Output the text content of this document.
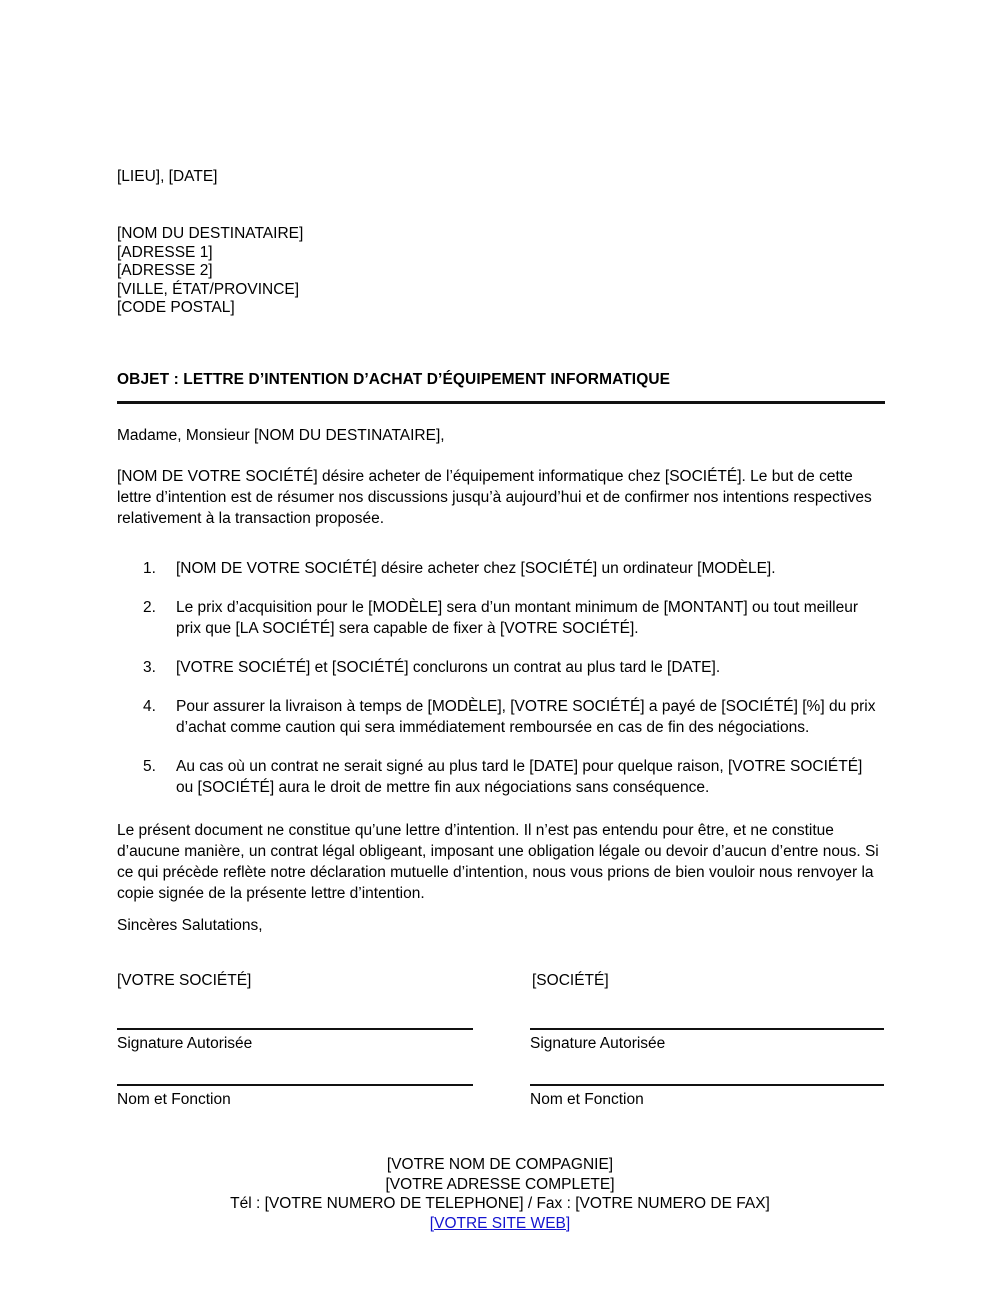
[LIEU], [DATE]
[NOM DU DESTINATAIRE]
[ADRESSE 1]
[ADRESSE 2]
[VILLE, ÉTAT/PROVINCE]
[CODE POSTAL]
OBJET : LETTRE D’INTENTION D’ACHAT D’ÉQUIPEMENT INFORMATIQUE
Madame, Monsieur [NOM DU DESTINATAIRE],
[NOM DE VOTRE SOCIÉTÉ] désire acheter de l’équipement informatique chez [SOCIÉTÉ]. Le but de cette lettre d’intention est de résumer nos discussions jusqu’à aujourd’hui et de confirmer nos intentions respectives relativement à la transaction proposée.
1.	[NOM DE VOTRE SOCIÉTÉ] désire acheter chez [SOCIÉTÉ] un ordinateur [MODÈLE].
2.	Le prix d’acquisition pour le [MODÈLE] sera d’un montant minimum de [MONTANT] ou tout meilleur prix que [LA SOCIÉTÉ] sera capable de fixer à [VOTRE SOCIÉTÉ].
3.	[VOTRE SOCIÉTÉ] et [SOCIÉTÉ] conclurons un contrat au plus tard le [DATE].
4.	Pour assurer la livraison à temps de [MODÈLE], [VOTRE SOCIÉTÉ] a payé de [SOCIÉTÉ] [%] du prix d’achat comme caution qui sera immédiatement remboursée en cas de fin des négociations.
5.	Au cas où un contrat ne serait signé au plus tard le [DATE] pour quelque raison, [VOTRE SOCIÉTÉ] ou [SOCIÉTÉ] aura le droit de mettre fin aux négociations sans conséquence.
Le présent document ne constitue qu’une lettre d’intention. Il n’est pas entendu pour être, et ne constitue d’aucune manière, un contrat légal obligeant, imposant une obligation légale ou devoir d’aucun d’entre nous. Si ce qui précède reflète notre déclaration mutuelle d’intention, nous vous prions de bien vouloir nous renvoyer la copie signée de la présente lettre d’intention.
Sincères Salutations,
[VOTRE SOCIÉTÉ]	[SOCIÉTÉ]
Signature Autorisée	Signature Autorisée
Nom et Fonction	Nom et Fonction
[VOTRE NOM DE COMPAGNIE]
[VOTRE ADRESSE COMPLETE]
Tél : [VOTRE NUMERO DE TELEPHONE] / Fax : [VOTRE NUMERO DE FAX]
[VOTRE SITE WEB]
